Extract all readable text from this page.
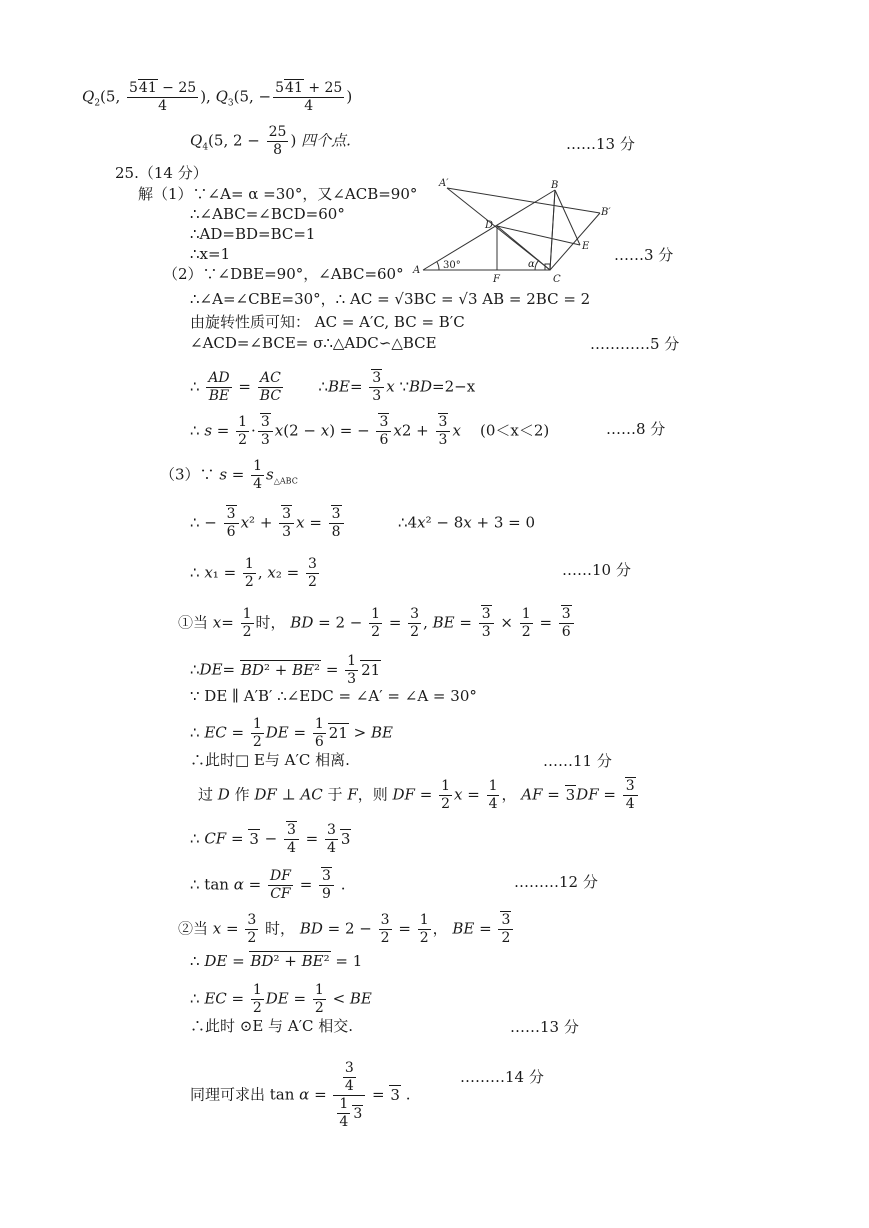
$Q_2(5$, $\frac{541 - 25}{4}$ ), $Q_3(5$, − $\frac{541 + 25}{4}$ )
$Q_4(5$, $2 - \frac{25}{8}$ ) 四个点.	……13 分
25.（14 分）
解（1）∵∠A= α =30°，又∠ACB=90°
∴∠ABC=∠BCD=60°
∴AD=BD=BC=1
∴x=1	……3 分
A
A′	B
B′
C
D
E
F
30°	α
（2）∵∠DBE=90°，∠ABC=60°
∴∠A=∠CBE=30°，∴ AC = √3BC = √3 AB = 2BC = 2
由旋转性质可知： AC = A′C, BC = B′C
∠ACD=∠BCE= σ∴△ADC∽△BCE	…………5 分
∴ $\frac{AD}{BE} = \frac{AC}{BC}$ ∴BE= $\frac{3}{3}$ x ∵BD=2−x
∴ $s = \frac{1}{2} \cdot \frac{3}{3} x(2 - x)$ = − $\frac{3}{6} x2 + \frac{3}{3}$ x    (0＜x＜2)	……8 分
（3）∵ $s = \frac{1}{4} s_{\triangle ABC}$
∴ − $\frac{3}{6} x^2 + \frac{3}{3}$ $x = \frac{3}{8}$ ∴4x² − 8x + 3 = 0
∴ $x_1 = \frac{1}{2}$ , $x_2 = \frac{3}{2}$	……10 分
①当 $x= \frac{1}{2}$ 时， BD = $2 - \frac{1}{2} = \frac{3}{2}$ , BE = $\frac{3}{3} \times \frac{1}{2} = \frac{3}{6}$
∴DE= $BD^2 + BE^2 = \frac{1}{3} 21$
∵ DE ∥ A′B′ ∴∠EDC = ∠A′ = ∠A = 30°
∴ EC = $\frac{1}{2}$ DE = $\frac{1}{6} 21$ > BE
∴此时□ E与 A′C 相离.	……11 分
过 D 作 DF ⊥ AC 于 F，则 DF = $\frac{1}{2}$ $x = \frac{1}{4}$ ， AF = $3DF = \frac{3}{4}$
∴ CF = $3 - \frac{3}{4} = \frac{3}{4} 3$
∴ $\tan \alpha = \frac{DF}{CF} = \frac{3}{9}$ .	………12 分
②当 $x = \frac{3}{2}$ 时， BD = $2 - \frac{3}{2} = \frac{1}{2}$ ， BE = $\frac{3}{2}$
∴ DE = BD² + BE² = 1
∴ EC = $\frac{1}{2}$ DE = $\frac{1}{2}$ < BE
∴此时 ⊙E 与 A′C 相交.	……13 分
同理可求出 $\tan \alpha = \frac{\frac{3}{4}}{\frac{1}{4} 3} = 3$ .
………14 分
